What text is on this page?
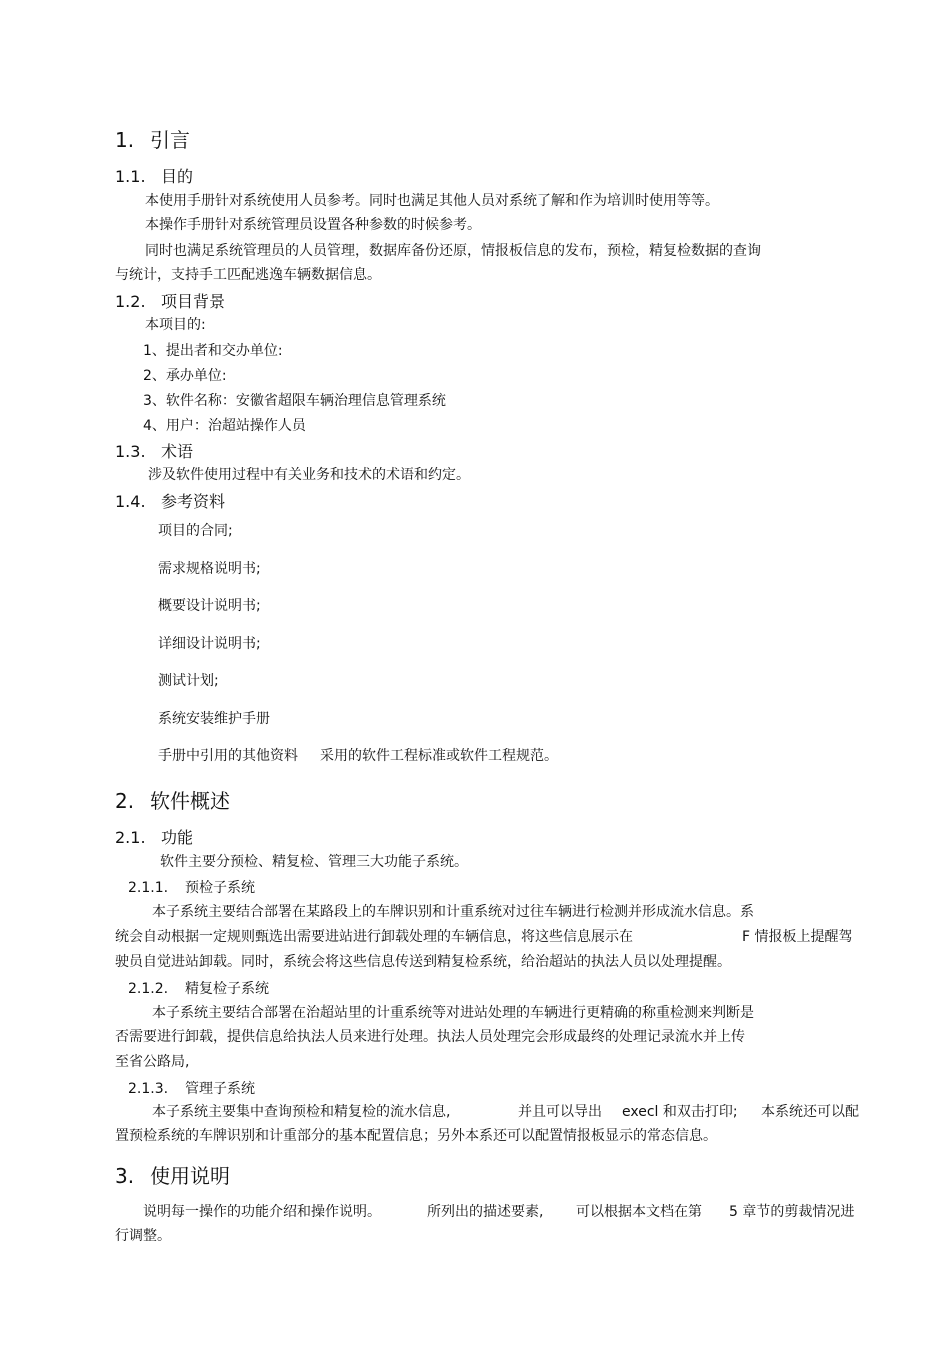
1. 引言
1.1. 目的
本使用手册针对系统使用人员参考。同时也满足其他人员对系统了解和作为培训时使用等等。
本操作手册针对系统管理员设置各种参数的时候参考。
同时也满足系统管理员的人员管理，数据库备份还原，情报板信息的发布，预检，精复检数据的查询
与统计，支持手工匹配逃逸车辆数据信息。
1.2. 项目背景
本项目的:
1、提出者和交办单位:
2、承办单位:
3、软件名称：安徽省超限车辆治理信息管理系统
4、用户：治超站操作人员
1.3. 术语
涉及软件使用过程中有关业务和技术的术语和约定。
1.4. 参考资料
项目的合同;
需求规格说明书;
概要设计说明书;
详细设计说明书;
测试计划;
系统安装维护手册
手册中引用的其他资料 采用的软件工程标准或软件工程规范。
2. 软件概述
2.1. 功能
软件主要分预检、精复检、管理三大功能子系统。
2.1.1. 预检子系统
本子系统主要结合部署在某路段上的车牌识别和计重系统对过往车辆进行检测并形成流水信息。系
统会自动根据一定规则甄选出需要进站进行卸载处理的车辆信息，将这些信息展示在	F 情报板上提醒驾
驶员自觉进站卸载。同时，系统会将这些信息传送到精复检系统，给治超站的执法人员以处理提醒。
2.1.2. 精复检子系统
本子系统主要结合部署在治超站里的计重系统等对进站处理的车辆进行更精确的称重检测来判断是
否需要进行卸载，提供信息给执法人员来进行处理。执法人员处理完会形成最终的处理记录流水并上传
至省公路局,
2.1.3. 管理子系统
本子系统主要集中查询预检和精复检的流水信息,	并且可以导出 execl 和双击打印; 本系统还可以配
置预检系统的车牌识别和计重部分的基本配置信息；另外本系还可以配置情报板显示的常态信息。
3. 使用说明
说明每一操作的功能介绍和操作说明。	所列出的描述要素, 可以根据本文档在第 5 章节的剪裁情况进
行调整。
